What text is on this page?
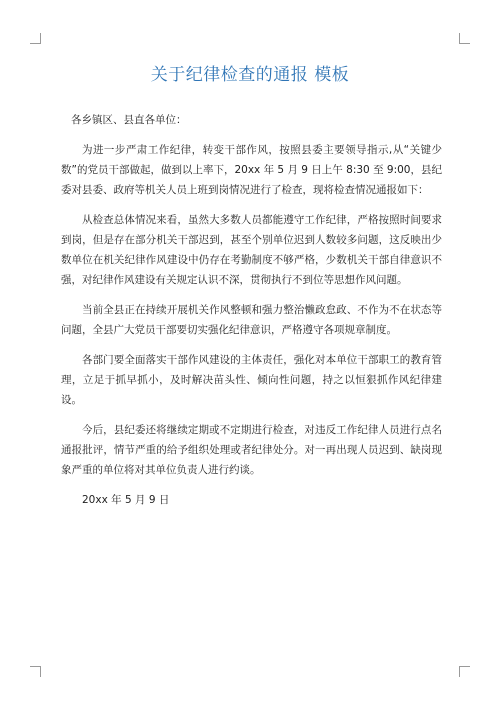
关于纪律检查的通报 模板

各乡镇区、县直各单位：

为进一步严肃工作纪律，转变干部作风，按照县委主要领导指示,从“关键少数”的党员干部做起，做到以上率下，20xx 年 5 月 9 日上午 8:30 至 9:00，县纪委对县委、政府等机关人员上班到岗情况进行了检查，现将检查情况通报如下：

从检查总体情况来看，虽然大多数人员都能遵守工作纪律，严格按照时间要求到岗，但是存在部分机关干部迟到，甚至个别单位迟到人数较多问题，这反映出少数单位在机关纪律作风建设中仍存在考勤制度不够严格，少数机关干部自律意识不强，对纪律作风建设有关规定认识不深，贯彻执行不到位等思想作风问题。

当前全县正在持续开展机关作风整顿和强力整治懒政怠政、不作为不在状态等问题，全县广大党员干部要切实强化纪律意识，严格遵守各项规章制度。

各部门要全面落实干部作风建设的主体责任，强化对本单位干部职工的教育管理，立足于抓早抓小，及时解决苗头性、倾向性问题，持之以恒狠抓作风纪律建设。

今后，县纪委还将继续定期或不定期进行检查，对违反工作纪律人员进行点名通报批评，情节严重的给予组织处理或者纪律处分。对一再出现人员迟到、缺岗现象严重的单位将对其单位负责人进行约谈。

20xx 年 5 月 9 日
